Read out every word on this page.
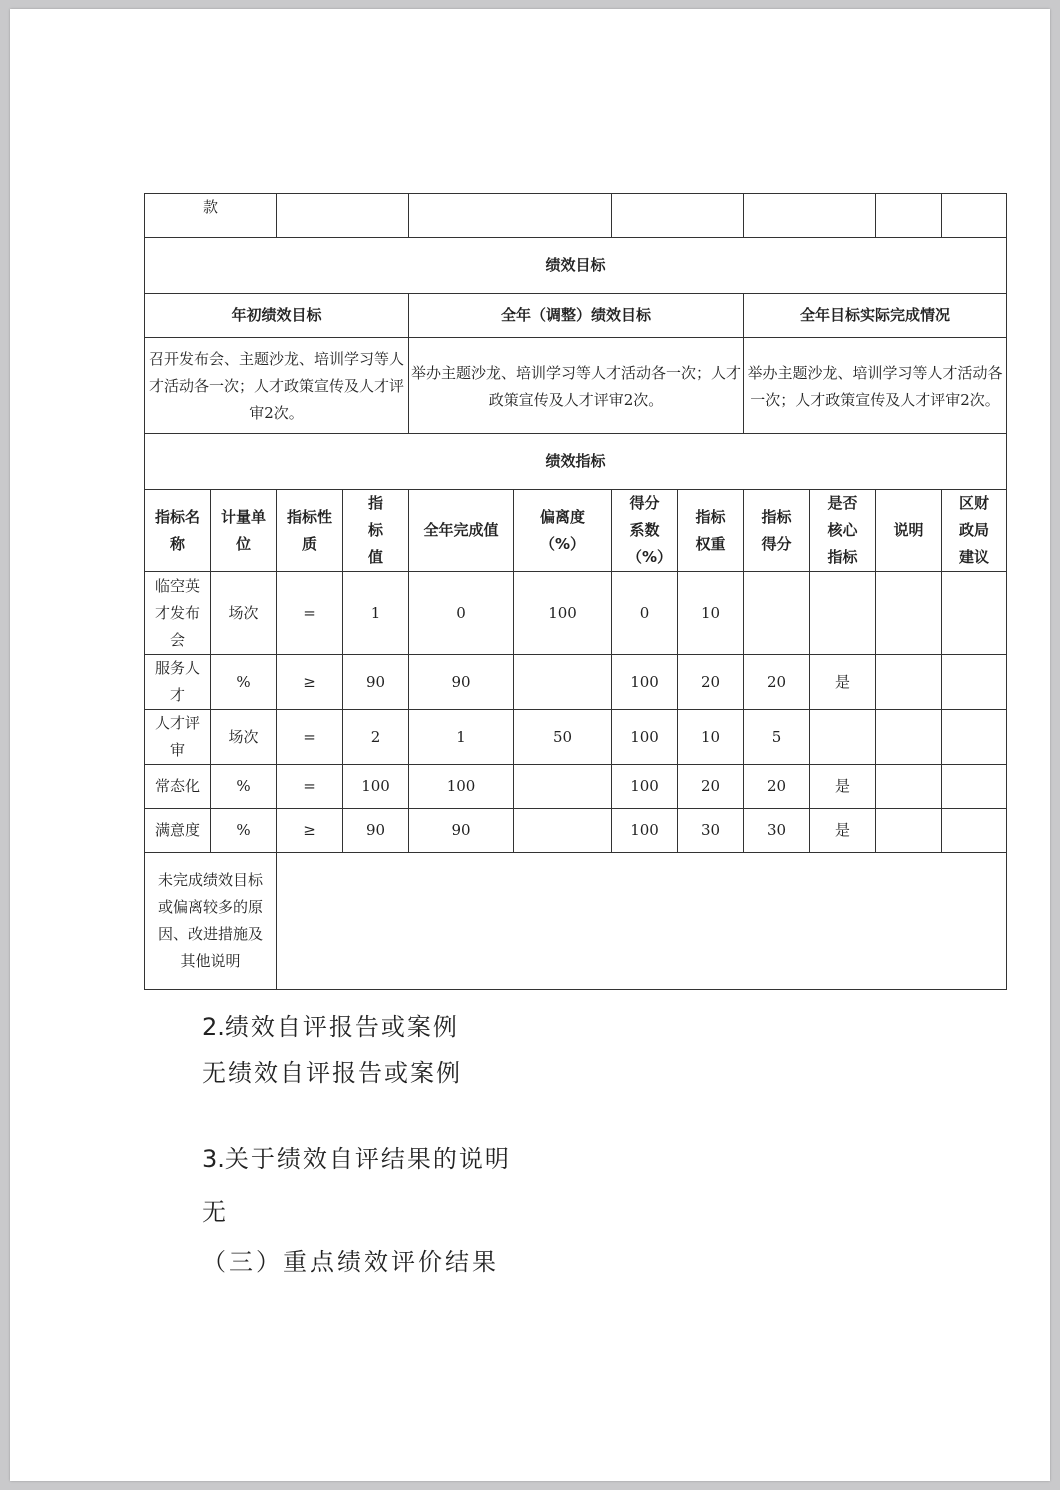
款											
绩效目标											
年初绩效目标				全年（调整）绩效目标				全年目标实际完成情况			
召开发布会、主题沙龙、培训学习等人才活动各一次；人才政策宣传及人才评审2次。				举办主题沙龙、培训学习等人才活动各一次；人才政策宣传及人才评审2次。				举办主题沙龙、培训学习等人才活动各一次；人才政策宣传及人才评审2次。			
绩效指标											
指标名称	计量单位	指标性质	指标值	全年完成值	偏离度（%）	得分系数（%）	指标权重	指标得分	是否核心指标	说明	区财政局建议
临空英才发布会	场次	=	1	0	100	0	10				
服务人才	%	≥	90	90		100	20	20	是		
人才评审	场次	=	2	1	50	100	10	5			
常态化	%	=	100	100		100	20	20	是		
满意度	%	≥	90	90		100	30	30	是		
未完成绩效目标或偏离较多的原因、改进措施及其他说明											
2.绩效自评报告或案例
无绩效自评报告或案例
3.关于绩效自评结果的说明
无
（三）重点绩效评价结果
